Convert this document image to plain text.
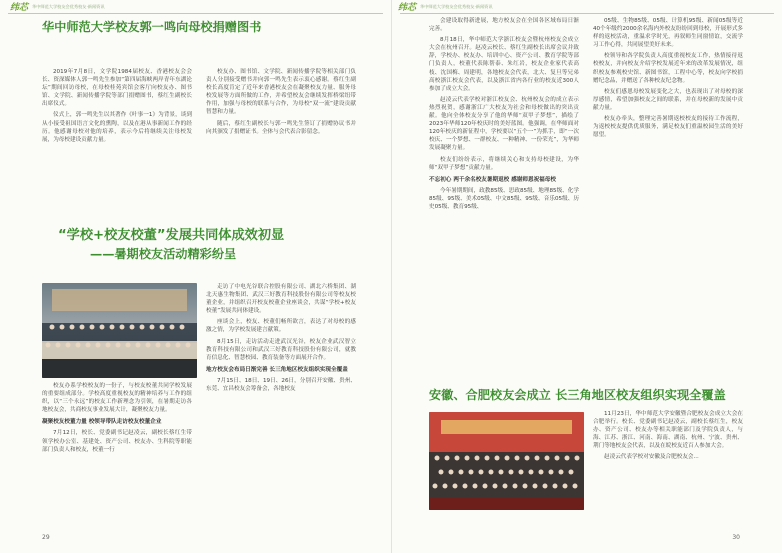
纬芯 华中师范大学校友会优秀校友·新闻资讯
华中师范大学校友郭一鸣向母校捐赠图书

2019年7月8日，文学院1984届校友、香港校友会会长、资深媒体人郭一鸣先生参加“第四届海峡两岸青年东湖论坛”期间回访母校，在母校桂苑宾馆会客厅向校友办、图书馆、文学院、新闻传播学院等部门捐赠图书，蔡红生副校长出席仪式。

仪式上，郭一鸣先生以其著作《叶事一1》为背景，谈到从小接受祖国语言文化的熏陶，以及在港从事新闻工作的经历。他感谢母校对他的培养，表示今后将继续关注母校发展，为母校建设贡献力量。

校友办、图书馆、文学院、新闻传播学院等相关部门负责人分别接受赠书并向郭一鸣先生表示衷心感谢。蔡红生副校长高度肯定了近年来香港校友会在凝聚校友力量、服务母校发展等方面所做的工作，并希望校友会继续发挥桥梁纽带作用，加强与母校的联系与合作，为母校“双一流”建设贡献智慧和力量。

随后，蔡红生副校长与郭一鸣先生签订了捐赠协议书并向其颁发了捐赠证书。全体与会代表合影留念。

“学校+校友校董”发展共同体成效初显
——暑期校友活动精彩纷呈

校友办系学校校友的一份子，与校友校董共同学校发展的重要组成部分。学校高度重视校友的精神培养与工作的组织，以“三个永远”的校友工作新理念为引领，在暑期走访各地校友会，共商校友事业发展大计，凝聚校友力量。

凝聚校友校董力量 校领导带队走访校友校董企业

7月12日，校长、党委副书记赵凌云，副校长蔡红生带领学校办公室、基建处、资产公司、校友办、生科院等职能部门负责人和校友，校董一行

走访了中电光谷联合控股有限公司、湖北六桥集团、湖北天惠生物集团、武汉三好教育科技股份有限公司等校友校董企业，并组织召开校友校董企业座谈会，共谋“学校+校友校董”发展共同体建设。

座谈会上，校友、校董们畅所欲言，表达了对母校的感激之情，为学校发展建言献策。

8月15日，走访活动走进武汉光谷，校友企业武汉智立教育科技有限公司和武汉三好教育科技股份有限公司，就教育信息化、智慧校园、教育装备等方面展开合作。

地方校友会布局日渐完善 长三角地区校友组织实现全覆盖

7月15日、18日、19日、26日，分别召开安徽、贵州、东莞、宜昌校友会筹备会，各地校友

29
纬芯 华中师范大学校友会优秀校友·新闻资讯

会建设取得新进展，地方校友会在全国各区域布局日渐完善。

8月18日，华中师范大学浙江校友会暨杭州校友会成立大会在杭州召开。赵凌云校长、蔡红生副校长出席会议并致辞，学校办、校友办、培训中心、资产公司、教育学院等部门负责人，校董代表陈帮泰、朱红岩，校友企业家代表高枝、沈国梅、周建明，各地校友会代表，北大、复旦等兄弟高校浙江校友会代表，以及浙江省内各行业的校友近300人参加了成立大会。

赵凌云代表学校对浙江校友会、杭州校友会的成立表示热烈祝贺，感谢浙江广大校友为社会和母校做出的突出贡献。他向全体校友分享了他的华师“双甲子梦想”，描绘了2023年华师120年校庆时的美好蓝图。他强调，在华师面对120年校庆的新征程中，学校要以“五个一”为抓手，即“一次校庆、一个梦想、一群校友、一种精神、一份荣光”，为华师发展凝聚力量。

校友们纷纷表示，将继续关心和支持母校建设，为华师“双甲子梦想”贡献力量。

不忘初心 两千余名校友暑期返校 感谢师恩祝福母校

今年暑期期间，政教85级、思政85级、地理85级、化学85级、95级、美术05级、中文85级、95级、音乐05级、历史05级、教育95级、

05级、生物85级、05级、计算机95级、新闻05级等近40个年级约2000余名海内外校友纷纷回到母校，开展形式多样的返校活动，重温求学时光，再叙师生同窗情谊，交流学习工作心得，共同展望美好未来。

校领导和各学院负责人高度重视校友工作，热情接待返校校友，并向校友介绍学校发展近年来的改革发展情况，组织校友参观校史馆、新图书馆，工程中心等，校友向学校捐赠纪念品，并赠送了各种校友纪念物。

校友们感恩母校发展变化之大，也表现出了对母校的深厚感情，希望加强校友之间的联系，并在母校新的发展中贡献力量。

校友办牵头，整理完善暑期返校校友的接待工作流程，为返校校友提供优质服务，满足校友们重温校园生活的美好愿望。

安徽、合肥校友会成立 长三角地区校友组织实现全覆盖

11月23日，华中师范大学安徽暨合肥校友会成立大会在合肥举行。校长、党委副书记赵凌云，副校长蔡红生，校友办、资产公司、校友办等相关职能部门及学院负责人，与海、江苏、浙江、河南、海南、湖南、杭州、宁波、贵州、荆门等地校友会代表，以及在皖校友近百人参加大会。

赵凌云代表学校对安徽及合肥校友会...

30
